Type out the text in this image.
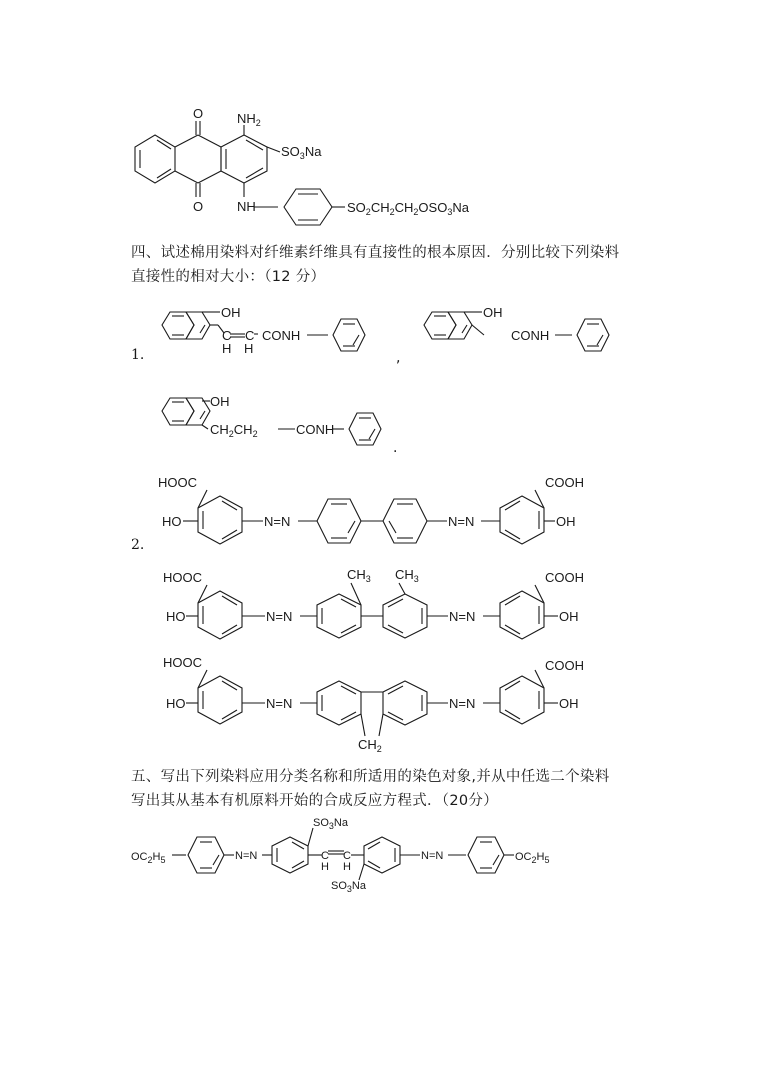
O
O
$NH_2$
$SO_3Na$
NH	$SO_2CH_2CH_2OSO_3Na$
四、试述棉用染料对纤维素纤维具有直接性的根本原因．分别比较下列染料
直接性的相对大小：（12 分）
1.
OH
C C
H H
CONH
,
OH
CONH
OH
$CH_2CH_2$	CONH
.
2.
HOOC
HO	N=N	N=N
COOH
OH
HOOC
HO
$CH_3$ $CH_3$
N=N	N=N
COOH
OH
HOOC
HO
$CH_2$
N=N	N=N
COOH
OH
五、写出下列染料应用分类名称和所适用的染色对象,并从中任选二个染料
写出其从基本有机原料开始的合成反应方程式．（20分）
$OC_2H_5$	N=N
$SO_3Na$
C C
H H
$SO_3Na$
N=N	$OC_2H_5$
